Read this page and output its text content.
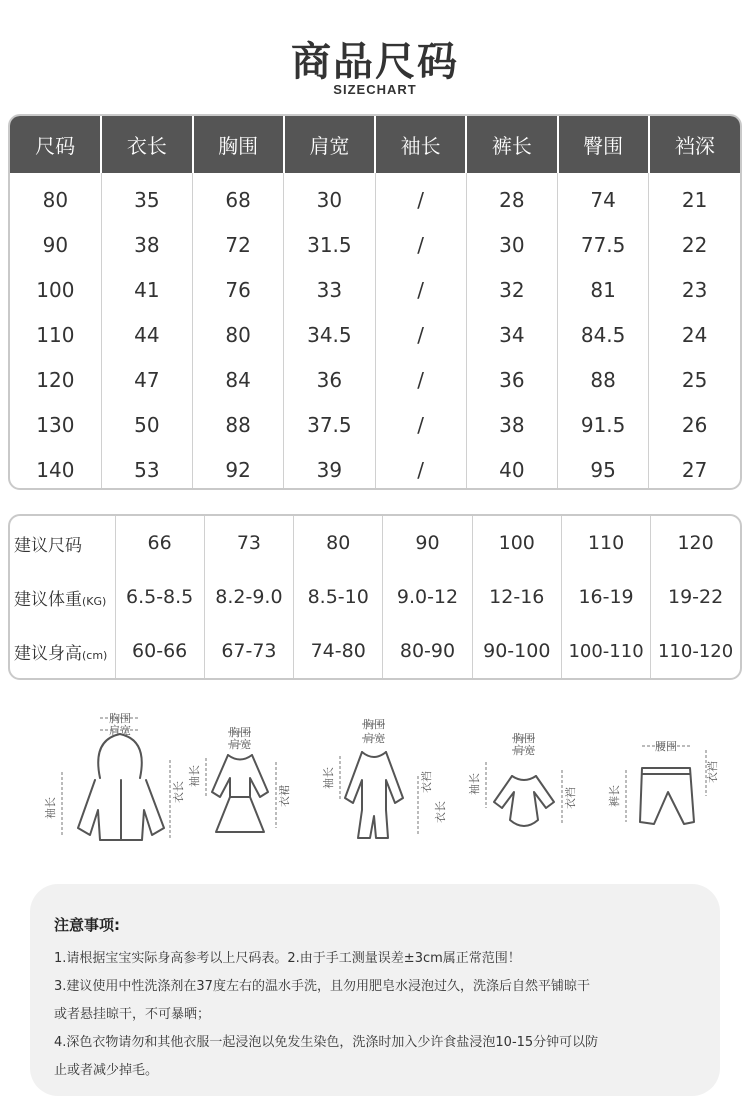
商品尺码
SIZECHART
尺码	衣长	胸围	肩宽	袖长	裤长	臀围	裆深
80	35	68	30	/	28	74	21
90	38	72	31.5	/	30	77.5	22
100	41	76	33	/	32	81	23
110	44	80	34.5	/	34	84.5	24
120	47	84	36	/	36	88	25
130	50	88	37.5	/	38	91.5	26
140	53	92	39	/	40	95	27
建议尺码	66	73	80	90	100	110	120
建议体重(KG)	6.5-8.5	8.2-9.0	8.5-10	9.0-12	12-16	16-19	19-22
建议身高(cm)	60-66	67-73	74-80	80-90	90-100	100-110	110-120
胸围
肩宽
袖长
衣长
胸围
肩宽
袖长
衣裙
胸围
肩宽
袖长	衣裆
衣长
胸围
肩宽
袖长
衣裆
腰围
裤长
衣裆
注意事项:
1.请根据宝宝实际身高参考以上尺码表。2.由于手工测量误差±3cm属正常范围！
3.建议使用中性洗涤剂在37度左右的温水手洗，且勿用肥皂水浸泡过久，洗涤后自然平铺晾干
或者悬挂晾干，不可暴晒；
4.深色衣物请勿和其他衣服一起浸泡以免发生染色，洗涤时加入少许食盐浸泡10-15分钟可以防
止或者减少掉毛。
